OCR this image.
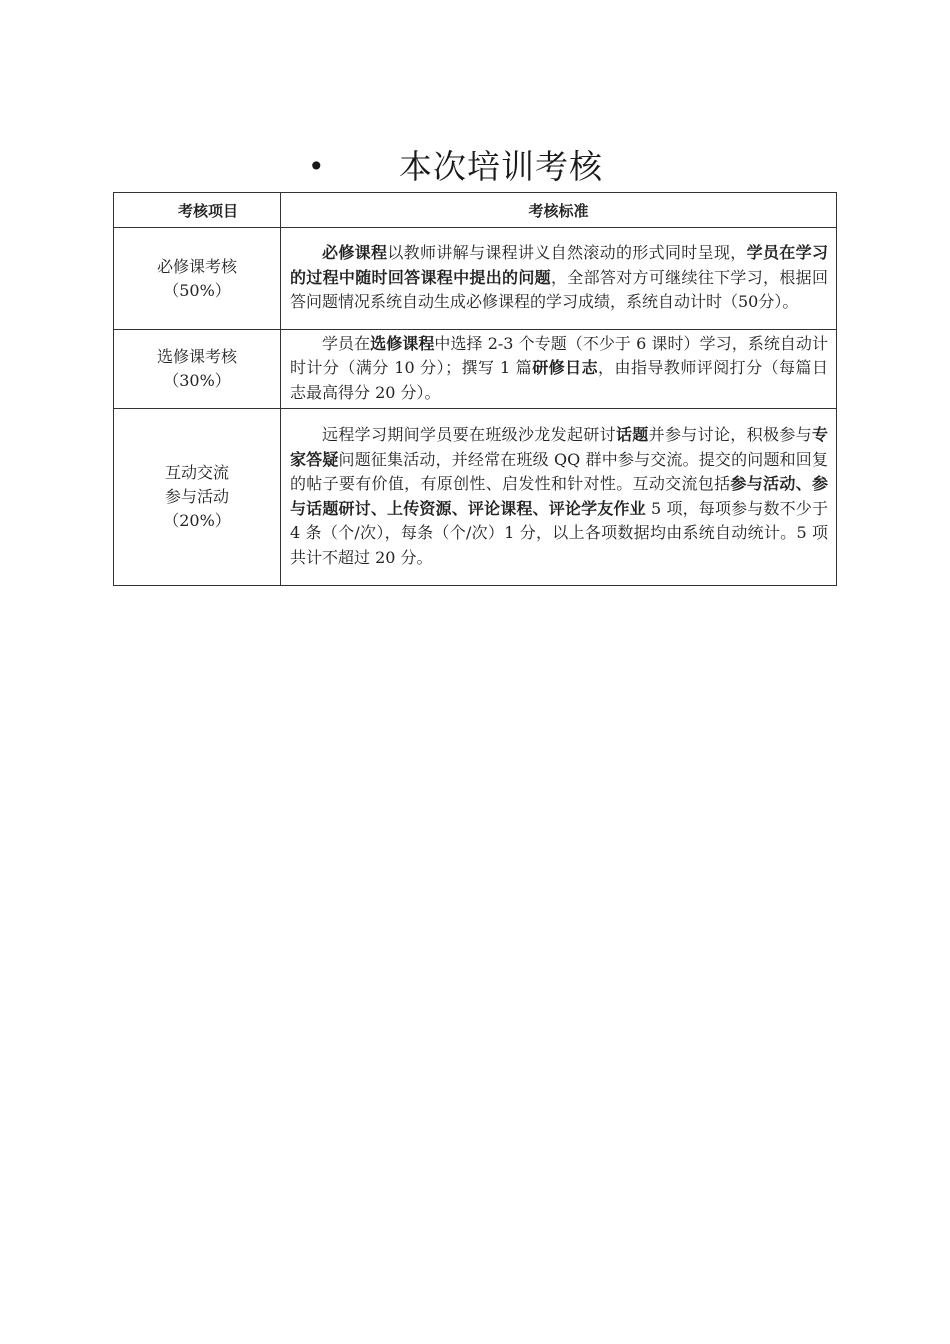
• 本次培训考核
考核项目	考核标准

必修课考核
（50%）	必修课程以教师讲解与课程讲义自然滚动的形式同时呈现，学员在学习的过程中随时回答课程中提出的问题，全部答对方可继续往下学习，根据回答问题情况系统自动生成必修课程的学习成绩，系统自动计时（50分）。

选修课考核
（30%）	学员在选修课程中选择 2-3 个专题（不少于 6 课时）学习，系统自动计时计分（满分 10 分）；撰写 1 篇研修日志，由指导教师评阅打分（每篇日志最高得分 20 分）。

互动交流
参与活动
（20%）	远程学习期间学员要在班级沙龙发起研讨话题并参与讨论，积极参与专家答疑问题征集活动，并经常在班级 QQ 群中参与交流。提交的问题和回复的帖子要有价值，有原创性、启发性和针对性。互动交流包括参与活动、参与话题研讨、上传资源、评论课程、评论学友作业 5 项，每项参与数不少于 4 条（个/次），每条（个/次）1 分，以上各项数据均由系统自动统计。5 项共计不超过 20 分。
